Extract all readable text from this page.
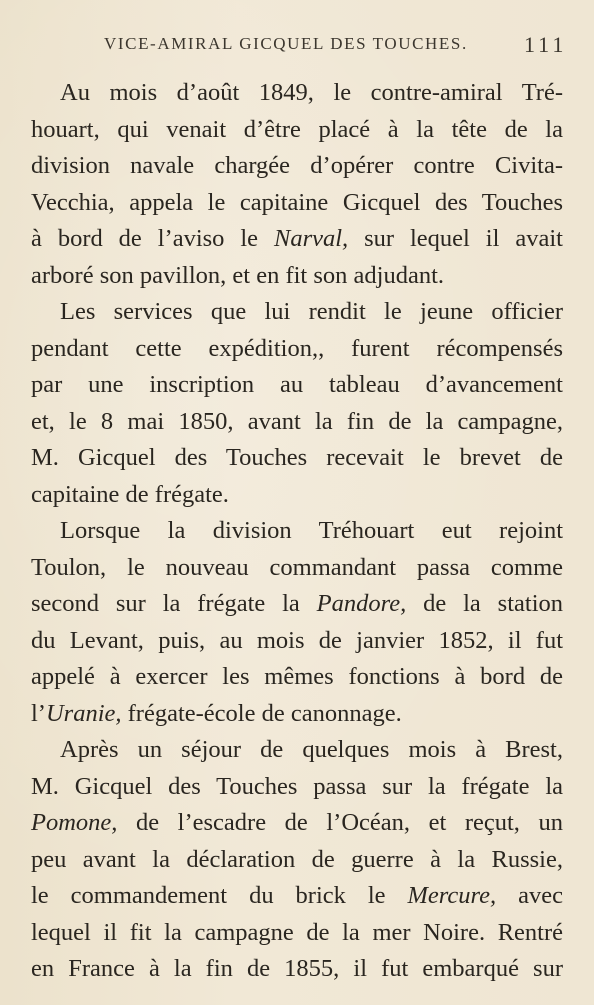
VICE-AMIRAL GICQUEL DES TOUCHES.	111
Au mois d’août 1849, le contre-amiral Tré-
houart, qui venait d’être placé à la tête de la
division navale chargée d’opérer contre Civita-
Vecchia, appela le capitaine Gicquel des Touches
à bord de l’aviso le Narval, sur lequel il avait
arboré son pavillon, et en fit son adjudant.
Les services que lui rendit le jeune officier
pendant cette expédition,, furent récompensés
par une inscription au tableau d’avancement
et, le 8 mai 1850, avant la fin de la campagne,
M. Gicquel des Touches recevait le brevet de
capitaine de frégate.
Lorsque la division Tréhouart eut rejoint
Toulon, le nouveau commandant passa comme
second sur la frégate la Pandore, de la station
du Levant, puis, au mois de janvier 1852, il fut
appelé à exercer les mêmes fonctions à bord de
l’Uranie, frégate-école de canonnage.
Après un séjour de quelques mois à Brest,
M. Gicquel des Touches passa sur la frégate la
Pomone, de l’escadre de l’Océan, et reçut, un
peu avant la déclaration de guerre à la Russie,
le commandement du brick le Mercure, avec
lequel il fit la campagne de la mer Noire. Rentré
en France à la fin de 1855, il fut embarqué sur
